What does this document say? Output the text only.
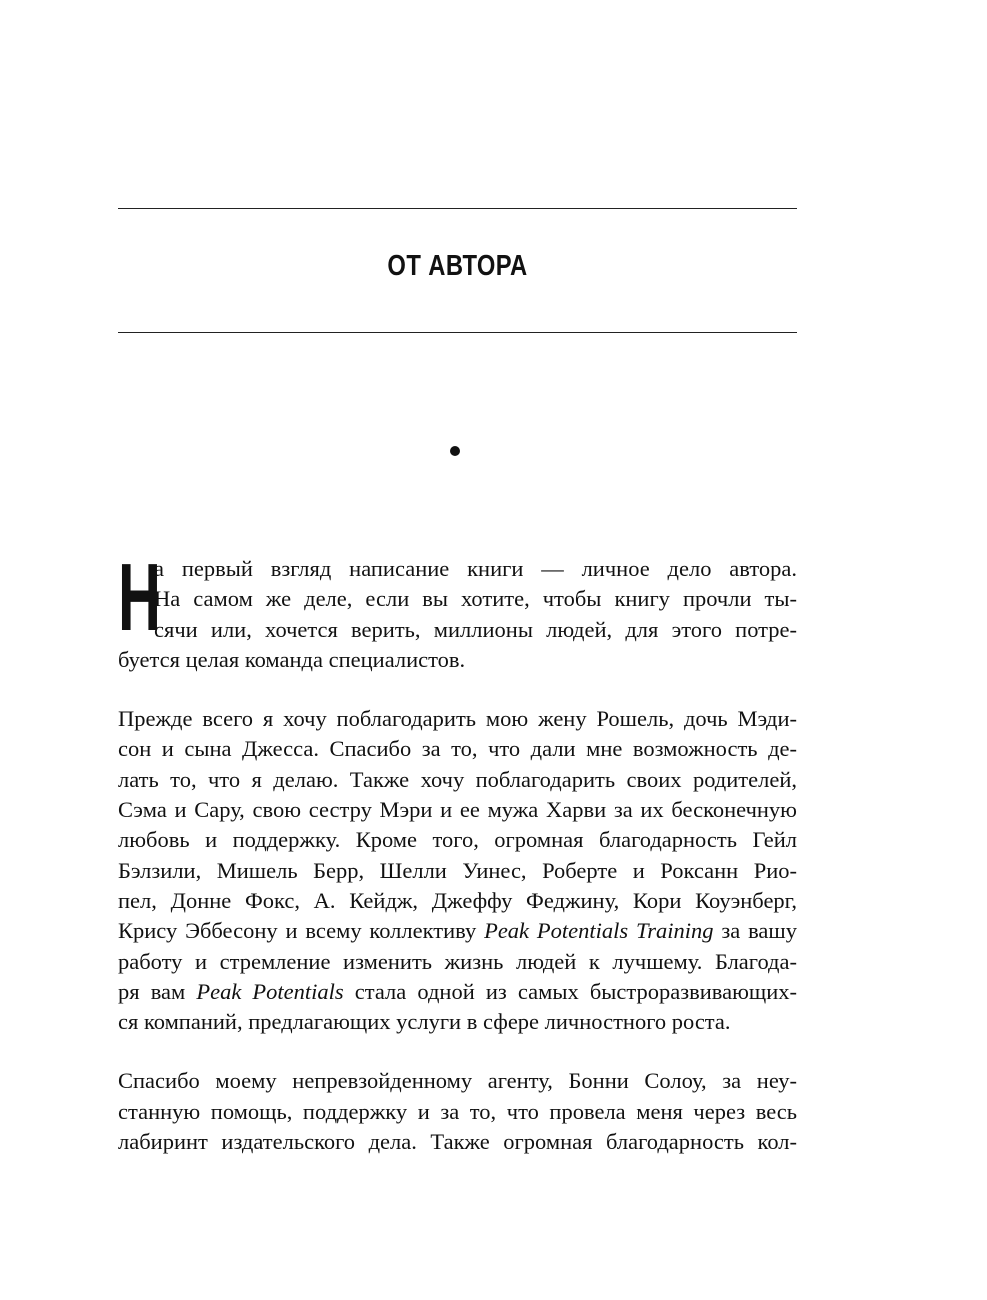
ОТ АВТОРА

Н
а первый взгляд написание книги — личное дело автора.
На самом же деле, если вы хотите, чтобы книгу прочли ты-
сячи или, хочется верить, миллионы людей, для этого потре-
буется целая команда специалистов.

Прежде всего я хочу поблагодарить мою жену Рошель, дочь Мэди-
сон и сына Джесса. Спасибо за то, что дали мне возможность де-
лать то, что я делаю. Также хочу поблагодарить своих родителей,
Сэма и Сару, свою сестру Мэри и ее мужа Харви за их бесконечную
любовь и поддержку. Кроме того, огромная благодарность Гейл
Бэлзили, Мишель Берр, Шелли Уинес, Роберте и Роксанн Рио-
пел, Донне Фокс, А. Кейдж, Джеффу Феджину, Кори Коуэнберг,
Крису Эббесону и всему коллективу Peak Potentials Training за вашу
работу и стремление изменить жизнь людей к лучшему. Благода-
ря вам Peak Potentials стала одной из самых быстроразвивающих-
ся компаний, предлагающих услуги в сфере личностного роста.

Спасибо моему непревзойденному агенту, Бонни Солоу, за неу-
станную помощь, поддержку и за то, что провела меня через весь
лабиринт издательского дела. Также огромная благодарность кол-
